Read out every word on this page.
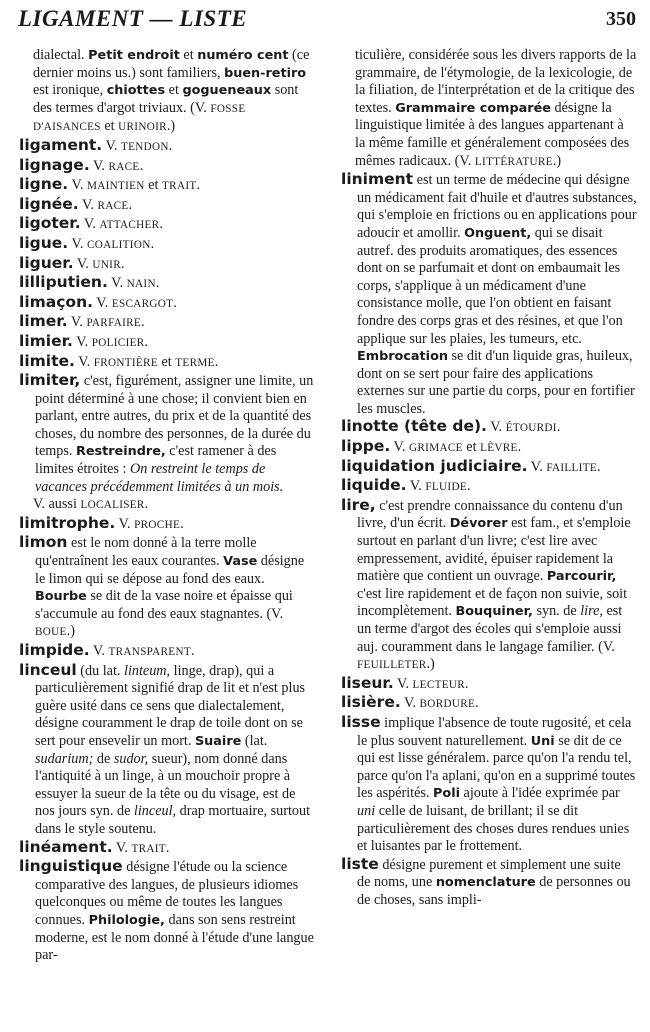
LIGAMENT — LISTE	350

dialectal. Petit endroit et numéro cent (ce dernier moins us.) sont familiers, buen-retiro est ironique, chiottes et gogueneaux sont des termes d'argot triviaux. (V. FOSSE D'AISANCES et URINOIR.)

ligament. V. TENDON.

lignage. V. RACE.

ligne. V. MAINTIEN et TRAIT.

lignée. V. RACE.

ligoter. V. ATTACHER.

ligue. V. COALITION.

liguer. V. UNIR.

lilliputien. V. NAIN.

limaçon. V. ESCARGOT.

limer. V. PARFAIRE.

limier. V. POLICIER.

limite. V. FRONTIÈRE et TERME.

limiter, c'est, figurément, assigner une limite, un point déterminé à une chose; il convient bien en parlant, entre autres, du prix et de la quantité des choses, du nombre des personnes, de la durée du temps. Restreindre, c'est ramener à des limites étroites : On restreint le temps de vacances précédemment limitées à un mois.

V. aussi LOCALISER.

limitrophe. V. PROCHE.

limon est le nom donné à la terre molle qu'entraînent les eaux courantes. Vase désigne le limon qui se dépose au fond des eaux. Bourbe se dit de la vase noire et épaisse qui s'accumule au fond des eaux stagnantes. (V. BOUE.)

limpide. V. TRANSPARENT.

linceul (du lat. linteum, linge, drap), qui a particulièrement signifié drap de lit et n'est plus guère usité dans ce sens que dialectalement, désigne couramment le drap de toile dont on se sert pour ensevelir un mort. Suaire (lat. sudarium; de sudor, sueur), nom donné dans l'antiquité à un linge, à un mouchoir propre à essuyer la sueur de la tête ou du visage, est de nos jours syn. de linceul, drap mortuaire, surtout dans le style soutenu.

linéament. V. TRAIT.

linguistique désigne l'étude ou la science comparative des langues, de plusieurs idiomes quelconques ou même de toutes les langues connues. Philologie, dans son sens restreint moderne, est le nom donné à l'étude d'une langue par-

ticulière, considérée sous les divers rapports de la grammaire, de l'étymologie, de la lexicologie, de la filiation, de l'interprétation et de la critique des textes. Grammaire comparée désigne la linguistique limitée à des langues appartenant à la même famille et généralement composées des mêmes radicaux. (V. LITTÉRATURE.)

liniment est un terme de médecine qui désigne un médicament fait d'huile et d'autres substances, qui s'emploie en frictions ou en applications pour adoucir et amollir. Onguent, qui se disait autref. des produits aromatiques, des essences dont on se parfumait et dont on embaumait les corps, s'applique à un médicament d'une consistance molle, que l'on obtient en faisant fondre des corps gras et des résines, et que l'on applique sur les plaies, les tumeurs, etc. Embrocation se dit d'un liquide gras, huileux, dont on se sert pour faire des applications externes sur une partie du corps, pour en fortifier les muscles.

linotte (tête de). V. ÉTOURDI.

lippe. V. GRIMACE et LÈVRE.

liquidation judiciaire. V. FAILLITE.

liquide. V. FLUIDE.

lire, c'est prendre connaissance du contenu d'un livre, d'un écrit. Dévorer est fam., et s'emploie surtout en parlant d'un livre; c'est lire avec empressement, avidité, épuiser rapidement la matière que contient un ouvrage. Parcourir, c'est lire rapidement et de façon non suivie, soit incomplètement. Bouquiner, syn. de lire, est un terme d'argot des écoles qui s'emploie aussi auj. couramment dans le langage familier. (V. FEUILLETER.)

liseur. V. LECTEUR.

lisière. V. BORDURE.

lisse implique l'absence de toute rugosité, et cela le plus souvent naturellement. Uni se dit de ce qui est lisse généralem. parce qu'on l'a rendu tel, parce qu'on l'a aplani, qu'on en a supprimé toutes les aspérités. Poli ajoute à l'idée exprimée par uni celle de luisant, de brillant; il se dit particulièrement des choses dures rendues unies et luisantes par le frottement.

liste désigne purement et simplement une suite de noms, une nomenclature de personnes ou de choses, sans impli-
